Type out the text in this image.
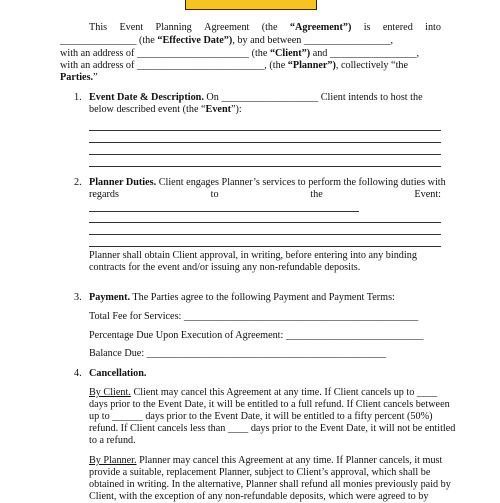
This Event Planning Agreement (the “Agreement”) is entered into
_______________ (the “Effective Date”), by and between _________________,
with an address of ______________________ (the “Client”) and _________________,
with an address of _________________________, (the “Planner”), collectively “the
Parties.”
1. Event Date & Description. On ___________________ Client intends to host the
below described event (the “Event”):
2. Planner Duties. Client engages Planner’s services to perform the following duties with
regards	to	the	Event:
Planner shall obtain Client approval, in writing, before entering into any binding
contracts for the event and/or issuing any non-refundable deposits.
3. Payment. The Parties agree to the following Payment and Payment Terms:
Total Fee for Services: ______________________________________________
Percentage Due Upon Execution of Agreement: ___________________________
Balance Due: _______________________________________________
4. Cancellation.
By Client. Client may cancel this Agreement at any time. If Client cancels up to ____
days prior to the Event Date, it will be entitled to a full refund. If Client cancels between
up to ______ days prior to the Event Date, it will be entitled to a fifty percent (50%)
refund. If Client cancels less than ____ days prior to the Event Date, it will not be entitled
to a refund.
By Planner. Planner may cancel this Agreement at any time. If Planner cancels, it must
provide a suitable, replacement Planner, subject to Client’s approval, which shall be
obtained in writing. In the alternative, Planner shall refund all monies previously paid by
Client, with the exception of any non-refundable deposits, which were agreed to by
